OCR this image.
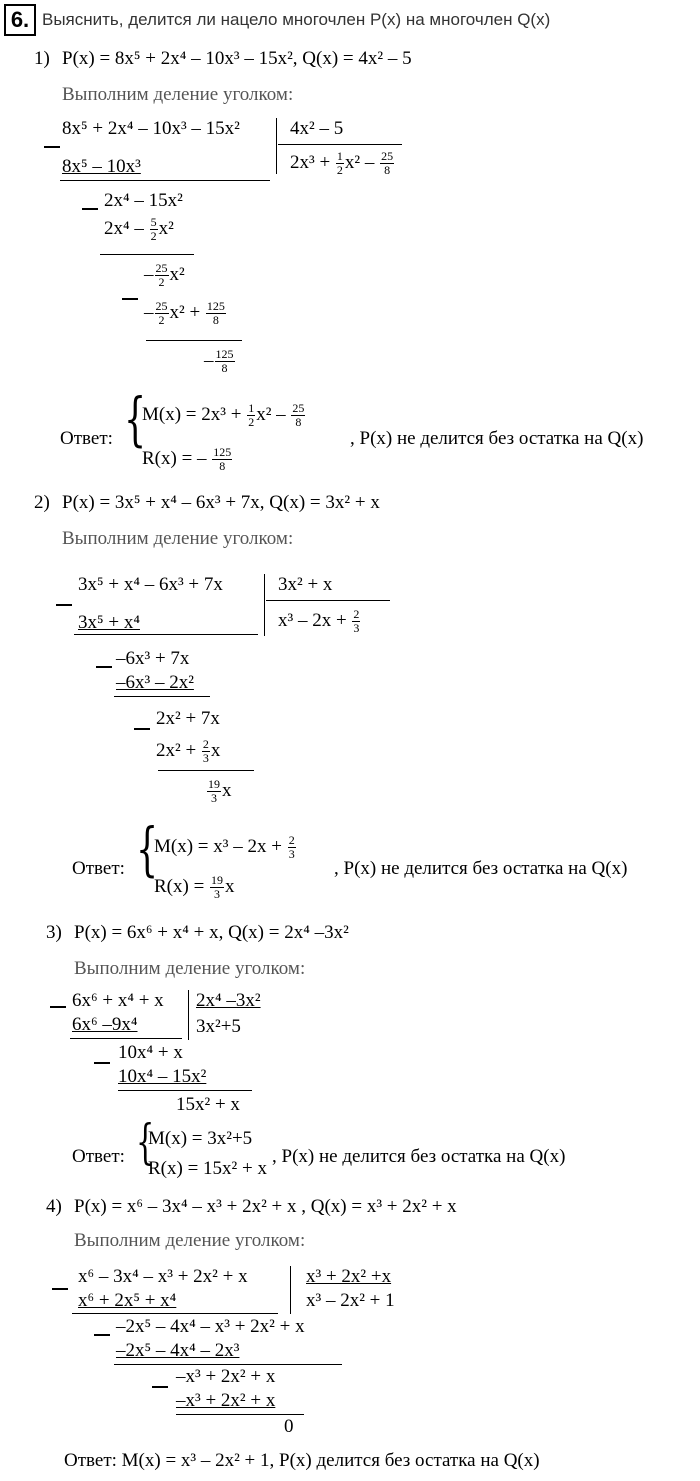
6. Выяснить, делится ли нацело многочлен P(x) на многочлен Q(x)
1) P(x) = 8x⁵ + 2x⁴ – 10x³ – 15x², Q(x) = 4x² – 5
Выполним деление уголком:
8x⁵ + 2x⁴ – 10x³ – 15x²
8x⁵ – 10x³
4x² – 5
$2x^3 + \frac{1}{2} x^2 - \frac{25}{8}$
2x⁴ – 15x²
$2x^4 - \frac{5}{2} x^2$
– $\frac{25}{2} x^2$
– $\frac{25}{2} x^2 + \frac{125}{8}$
– $\frac{125}{8}$
Ответ: {
$M(x) = 2x^3 + \frac{1}{2} x^2 - \frac{25}{8}$
R(x) = – $\frac{125}{8}$
, P(x) не делится без остатка на Q(x)
2) P(x) = 3x⁵ + x⁴ – 6x³ + 7x, Q(x) = 3x² + x
Выполним деление уголком:
3x⁵ + x⁴ – 6x³ + 7x
3x⁵ + x⁴
3x² + x
$x^3 - 2x + \frac{2}{3}$
–6x³ + 7x
–6x³ – 2x²
2x² + 7x
$2x^2 + \frac{2}{3}$ x
$\frac{19}{3}$ x
Ответ: {
$M(x) = x^3 - 2x + \frac{2}{3}$
$R(x) = \frac{19}{3}$ x
, P(x) не делится без остатка на Q(x)
3) P(x) = 6x⁶ + x⁴ + x, Q(x) = 2x⁴ –3x²
Выполним деление уголком:
6x⁶ + x⁴ + x
6x⁶ –9x⁴
2x⁴ –3x²
3x²+5
10x⁴ + x
10x⁴ – 15x²
15x² + x
Ответ: {
M(x) = 3x²+5
R(x) = 15x² + x
, P(x) не делится без остатка на Q(x)
4) P(x) = x⁶ – 3x⁴ – x³ + 2x² + x , Q(x) = x³ + 2x² + x
Выполним деление уголком:
x⁶ – 3x⁴ – x³ + 2x² + x
x⁶ + 2x⁵ + x⁴
x³ + 2x² +x
x³ – 2x² + 1
–2x⁵ – 4x⁴ – x³ + 2x² + x
–2x⁵ – 4x⁴ – 2x³
–x³ + 2x² + x
–x³ + 2x² + x
0
Ответ: M(x) = x³ – 2x² + 1, P(x) делится без остатка на Q(x)
